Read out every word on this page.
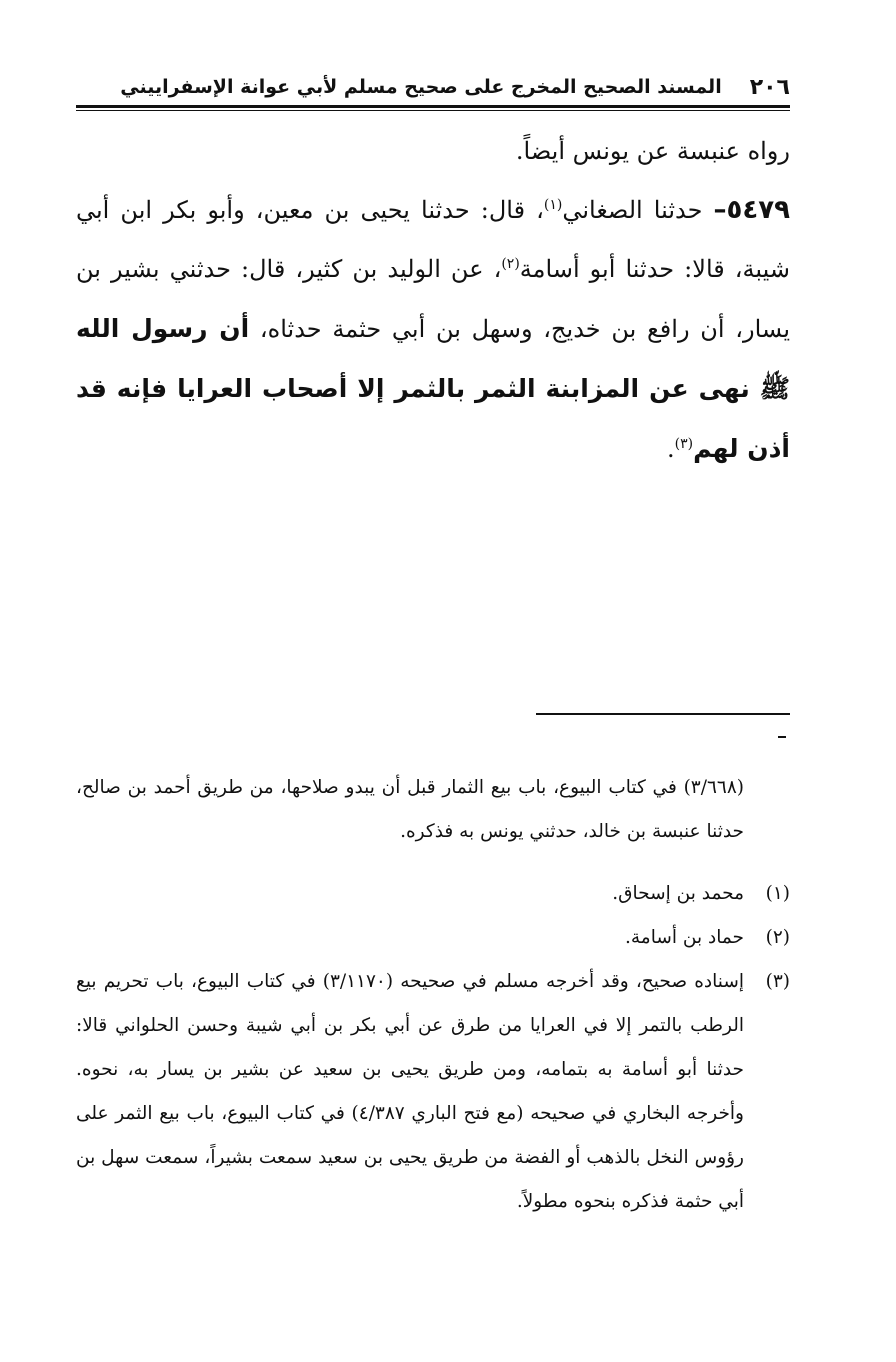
٢٠٦
المسند الصحيح المخرج على صحيح مسلم لأبي عوانة الإسفراييني

رواه عنبسة عن يونس أيضاً.

٥٤٧٩– حدثنا الصغاني$^{(١)}$، قال: حدثنا يحيى بن معين، وأبو بكر ابن أبي شيبة، قالا: حدثنا أبو أسامة$^{(٢)}$، عن الوليد بن كثير، قال: حدثني بشير بن يسار، أن رافع بن خديج، وسهل بن أبي حثمة حدثاه، أن رسول الله ﷺ نهى عن المزابنة الثمر بالثمر إلا أصحاب العرايا فإنه قد أذن لهم$^{(٣)}$.

(٣/٦٦٨) في كتاب البيوع، باب بيع الثمار قبل أن يبدو صلاحها، من طريق أحمد بن صالح، حدثنا عنبسة بن خالد، حدثني يونس به فذكره.

(١)
محمد بن إسحاق.
(٢)
حماد بن أسامة.
(٣)
إسناده صحيح، وقد أخرجه مسلم في صحيحه (٣/١١٧٠) في كتاب البيوع، باب تحريم بيع الرطب بالتمر إلا في العرايا من طرق عن أبي بكر بن أبي شيبة وحسن الحلواني قالا: حدثنا أبو أسامة به بتمامه، ومن طريق يحيى بن سعيد عن بشير بن يسار به، نحوه. وأخرجه البخاري في صحيحه (مع فتح الباري ٤/٣٨٧) في كتاب البيوع، باب بيع الثمر على رؤوس النخل بالذهب أو الفضة من طريق يحيى بن سعيد سمعت بشيراً، سمعت سهل بن أبي حثمة فذكره بنحوه مطولاً.
